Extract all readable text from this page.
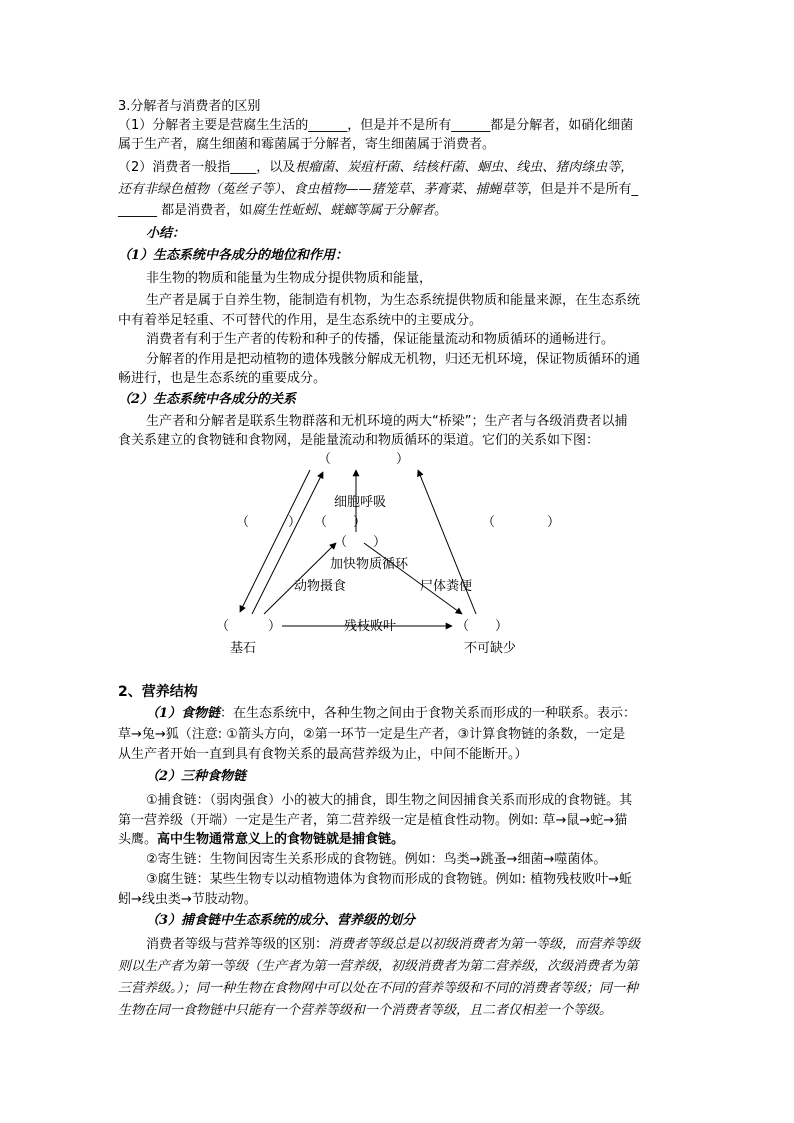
3.分解者与消费者的区别
（1）分解者主要是营腐生生活的______，但是并不是所有______都是分解者，如硝化细菌
属于生产者，腐生细菌和霉菌属于分解者，寄生细菌属于消费者。
（2）消费者一般指____，以及根瘤菌、炭疽杆菌、结核杆菌、蛔虫、线虫、猪肉绦虫等，
还有非绿色植物（菟丝子等）、食虫植物——猪笼草、茅膏菜、捕蝇草等，但是并不是所有_
______ 都是消费者，如腐生性蚯蚓、蜣螂等属于分解者。
小结：
（1）生态系统中各成分的地位和作用：
非生物的物质和能量为生物成分提供物质和能量，
生产者是属于自养生物，能制造有机物，为生态系统提供物质和能量来源，在生态系统
中有着举足轻重、不可替代的作用，是生态系统中的主要成分。
消费者有利于生产者的传粉和种子的传播，保证能量流动和物质循环的通畅进行。
分解者的作用是把动植物的遗体残骸分解成无机物，归还无机环境，保证物质循环的通
畅进行，也是生态系统的重要成分。
（2）生态系统中各成分的关系
生产者和分解者是联系生物群落和无机环境的两大“桥梁”；生产者与各级消费者以捕
食关系建立的食物链和食物网，是能量流动和物质循环的渠道。它们的关系如下图：
（　　　　　）
细胞呼吸
（　　　） （　　）	（　　　　）
（　　）
加快物质循环
动物摄食	尸体粪便
（　　　）	残枝败叶	（　　）
基石	不可缺少
2、营养结构
（1）食物链：在生态系统中，各种生物之间由于食物关系而形成的一种联系。表示：
草→兔→狐（注意: ①箭头方向，②第一环节一定是生产者，③计算食物链的条数，一定是
从生产者开始一直到具有食物关系的最高营养级为止，中间不能断开。）
（2）三种食物链
①捕食链：（弱肉强食）小的被大的捕食，即生物之间因捕食关系而形成的食物链。其
第一营养级（开端）一定是生产者，第二营养级一定是植食性动物。例如: 草→鼠→蛇→猫
头鹰。高中生物通常意义上的食物链就是捕食链。
②寄生链：生物间因寄生关系形成的食物链。例如：鸟类→跳蚤→细菌→噬菌体。
③腐生链：某些生物专以动植物遗体为食物而形成的食物链。例如: 植物残枝败叶→蚯
蚓→线虫类→节肢动物。
（3）捕食链中生态系统的成分、营养级的划分
消费者等级与营养等级的区别：消费者等级总是以初级消费者为第一等级，而营养等级
则以生产者为第一等级（生产者为第一营养级，初级消费者为第二营养级，次级消费者为第
三营养级。）；同一种生物在食物网中可以处在不同的营养等级和不同的消费者等级；同一种
生物在同一食物链中只能有一个营养等级和一个消费者等级，且二者仅相差一个等级。
